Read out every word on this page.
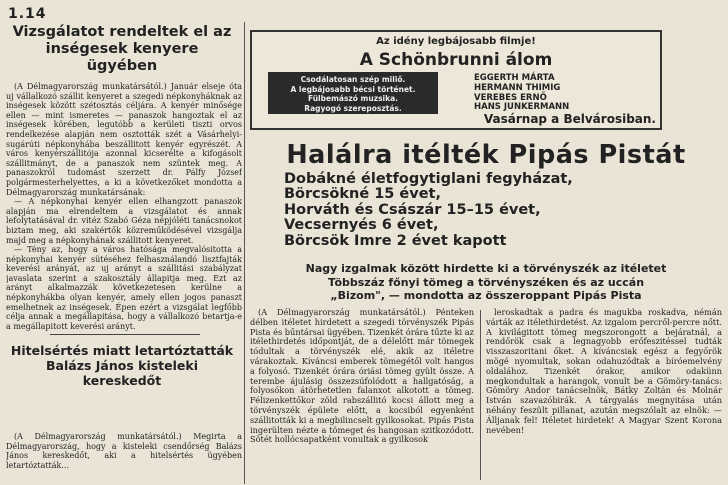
1.14
Vizsgálatot rendeltek el az inségesek kenyere ügyében

(A Délmagyarország munkatársától.) Január elseje óta uj vállalkozó szállit kenyeret a szegedi népkonyháknak az inségesek között szétosztás céljára. A kenyér minősége ellen — mint ismeretes — panaszok hangoztak el az inségesek körében, legutóbb a kerületi tiszti orvos rendelkezése alapján nem osztották szét a Vásárhelyi-sugárúti népkonyhába beszállitott kenyér egyrészét. A város kenyérszállitója azonnal kicserélte a kifogásolt szállitmányt, de a panaszok nem szüntek meg. A panaszokról tudomást szerzett dr. Pálfy József polgármesterhelyettes, a ki a következőket mondotta a Délmagyarország munkatársának:

— A népkonyhai kenyér ellen elhangzott panaszok alapján ma elrendeltem a vizsgálatot és annak lefolytatásával dr. vitéz Szabó Géza népjóléti tanácsnokot biztam meg, aki szakértők közreműködésével vizsgálja majd meg a népkonyhának szállitott kenyeret.

— Tény az, hogy a város hatósága megvalósitotta a népkonyhai kenyér sütéséhez felhasználandó lisztfajták keverési arányát, az uj arányt a szállitási szabályzat javaslata szerint a szakosztály állapitja meg. Ezt az arányt alkalmazzák következetesen kerülne a népkonyhákba olyan kenyér, amely ellen jogos panaszt emelhetnek az inségesek. Épen ezért a vizsgálat legfőbb célja annak a megállapitása, hogy a vállalkozó betartja-e a megállapitott keverési arányt.

Hitelsértés miatt letartóztatták Balázs János kisteleki kereskedőt

(A Délmagyarország munkatársától.) Megirta a Délmagyarország, hogy a kisteleki csendőrség Balázs János kereskedőt, aki a hitelsértés ügyében letartóztatták...

Az idény legbájosabb filmje!
A Schönbrunni álom
Csodálatosan szép miliő.
A legbájosabb bécsi történet.
Fülbemászó muzsika.
Ragyogó szereposztás.
EGGERTH MÁRTA
HERMANN THIMIG
VEREBES ERNŐ
HANS JUNKERMANN
Vasárnap a Belvárosiban.
Halálra itélték Pipás Pistát
Dobákné életfogytiglani fegyházat,
Börcsökné 15 évet,
Horváth és Császár 15–15 évet,
Vecsernyés 6 évet,
Börcsök Imre 2 évet kapott
Nagy izgalmak között hirdette ki a törvényszék az itéletet
Többszáz főnyi tömeg a törvényszéken és az uccán
„Bizom", — mondotta az összeroppant Pipás Pista

(A Délmagyarország munkatársától.) Pénteken délben itéletet hirdetett a szegedi törvényszék Pipás Pista és bűntársai ügyében. Tizenkét órára tűzte ki az itélethirdetés időpontját, de a délelőtt már tömegek tódultak a törvényszék elé, akik az itéletre várakoztak. Kíváncsi emberek tömegétől volt hangos a folyosó. Tizenkét órára óriási tömeg gyült össze. A terembe ájulásig összezsúfolódott a hallgatóság, a folyosókon átörhetetlen falanxot alkotott a tömeg. Félizenkettőkor zöld rabszállitó kocsi állott meg a törvényszék épülete előtt, a kocsiból egyenként szállitották ki a megbilincselt gyilkosokat. Pipás Pista ingerülten nézte a tömeget és hangosan szitkozódott. Sötét hollócsapatként vonultak a gyilkosok

leroskadtak a padra és magukba roskadva, némán várták az itélethirdetést. Az izgalom percről-percre nőtt. A kivilágitott tömeg megszorongott a bejáratnál, a rendőrök csak a legnagyobb erőfeszitéssel tudták visszaszoritani őket. A kíváncsiak egész a fegyőrök mögé nyomultak, sokan odahuzódtak a bíróemelvény oldalához. Tizenkét órakor, amikor odakünn megkondultak a harangok, vonult be a Gömöry-tanács: Gömöry Andor tanácselnök, Bátky Zoltán és Molnár István szavazóbirák. A tárgyalás megnyitása után néhány feszült pillanat, azután megszólalt az elnök: — Álljanak fel! Itéletet hirdetek! A Magyar Szent Korona nevében!
